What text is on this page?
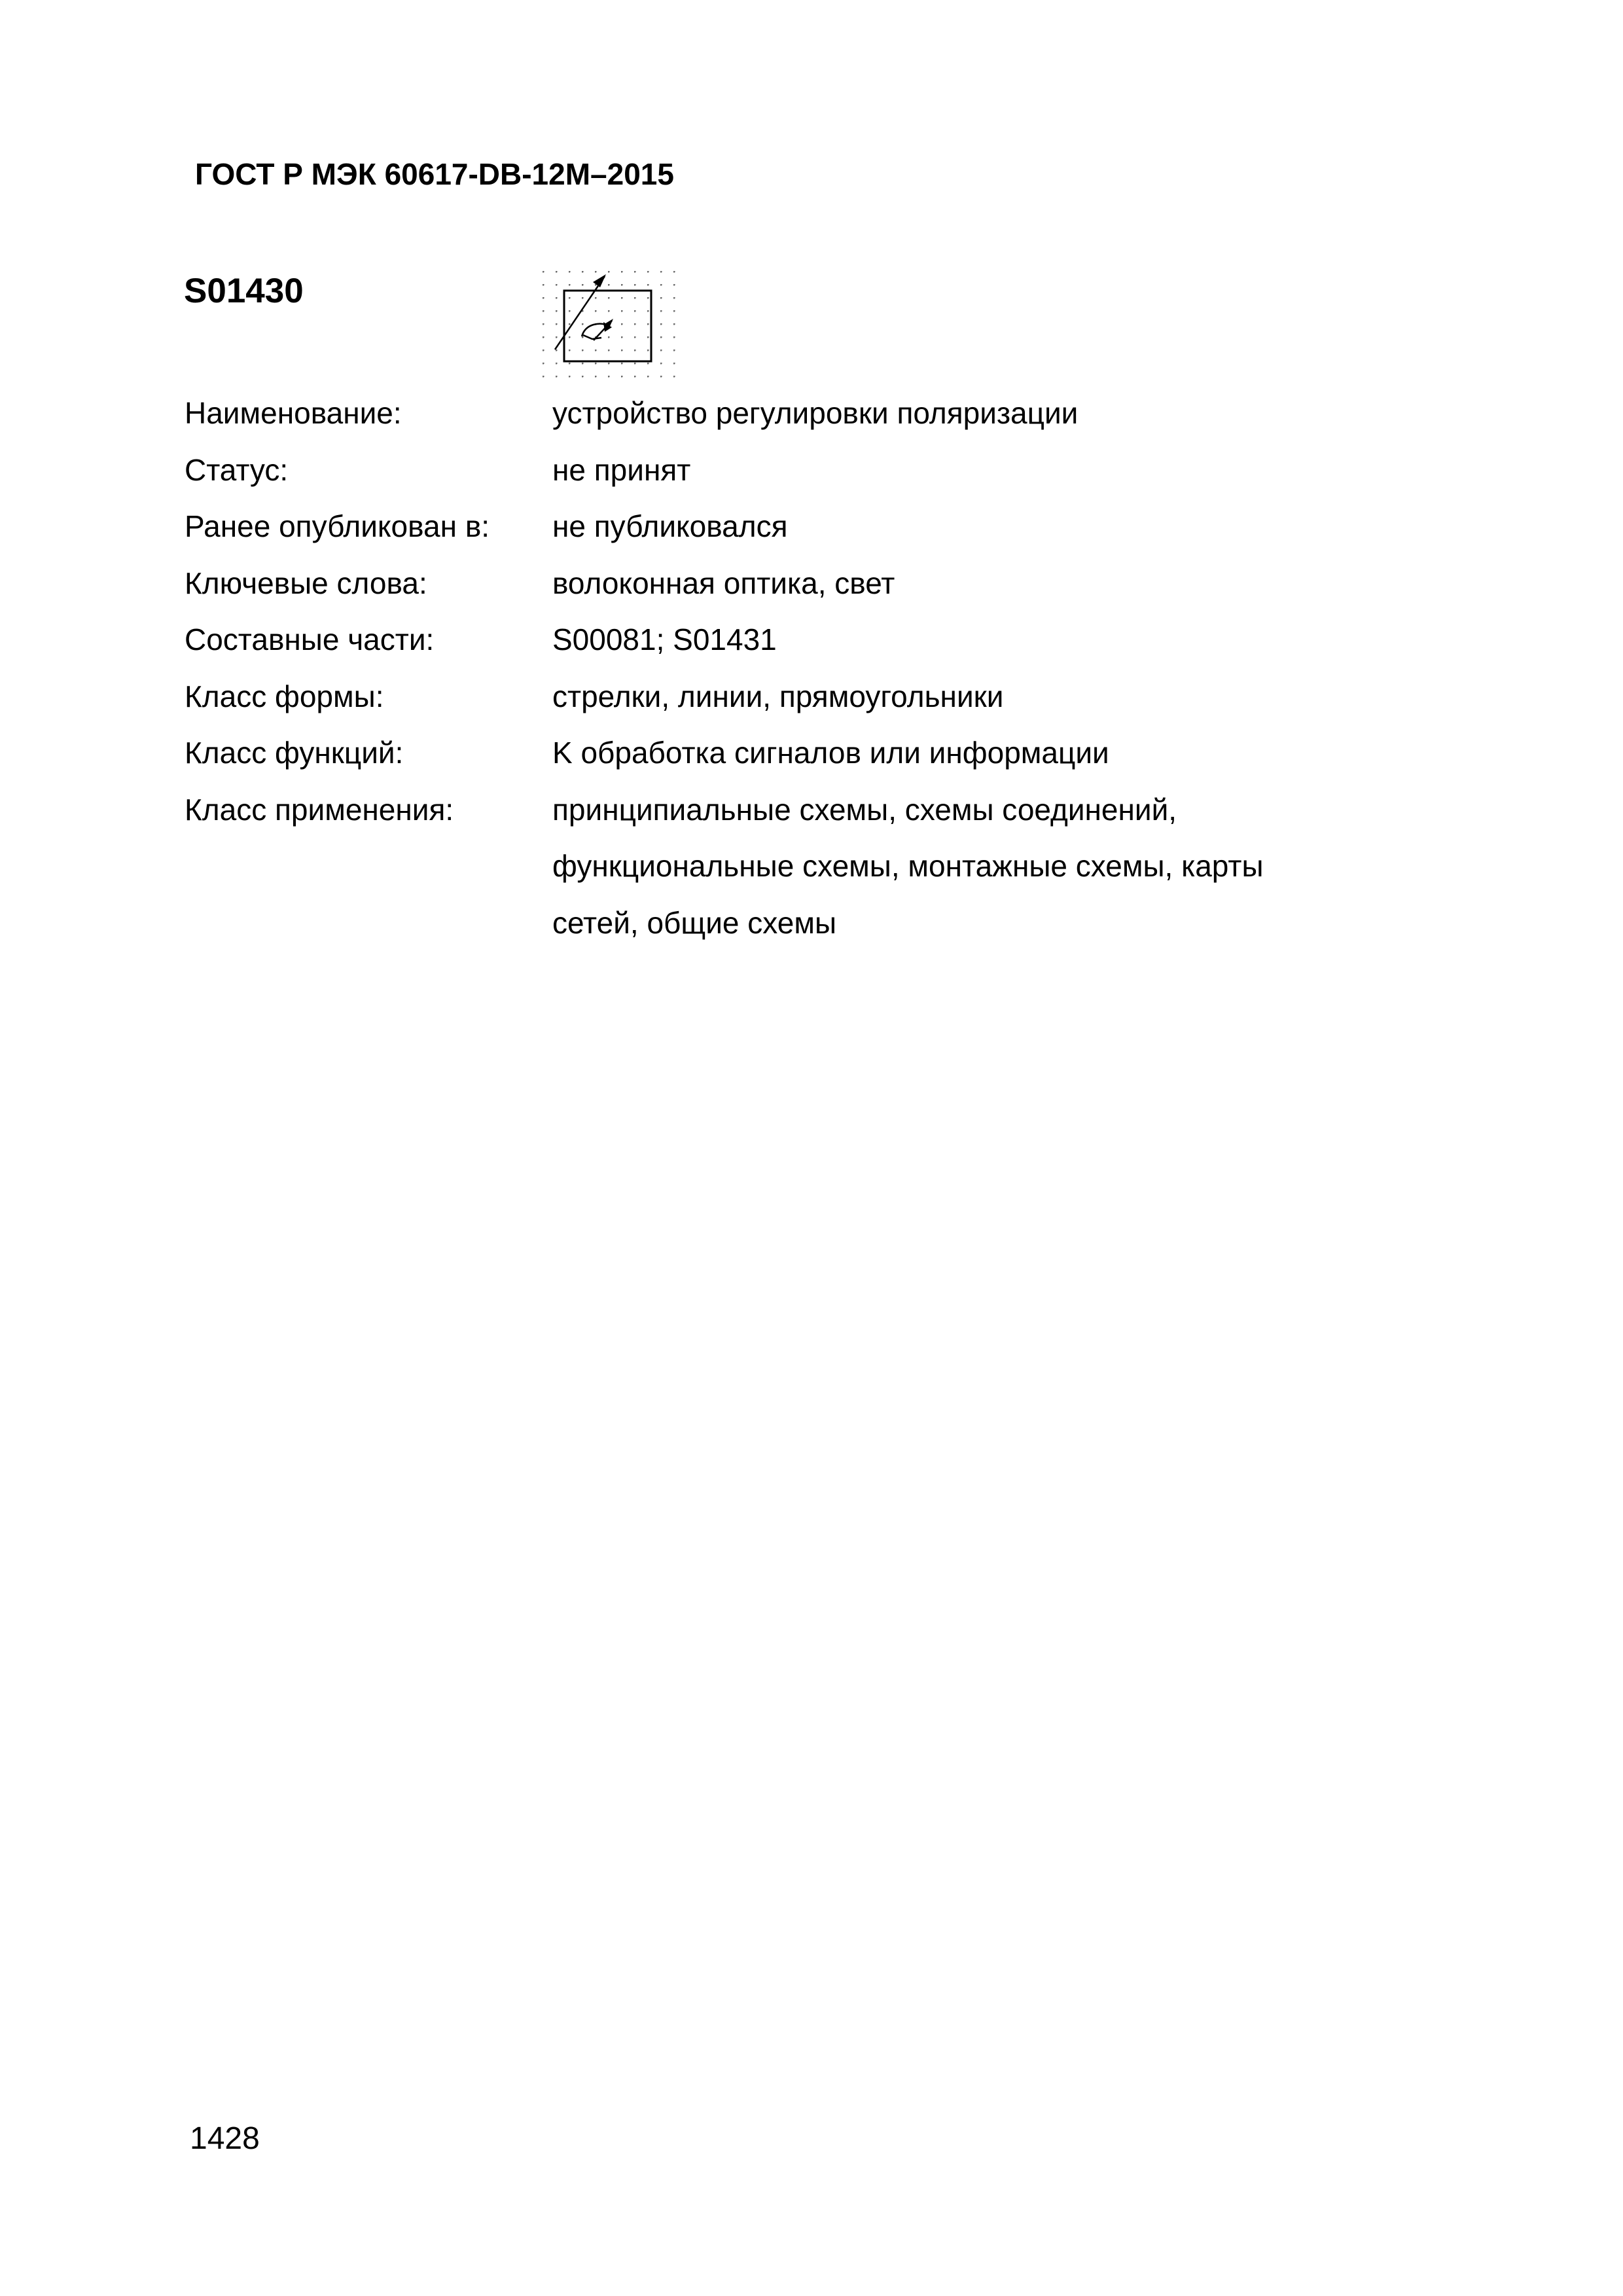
ГОСТ Р МЭК 60617-DB-12M–2015
S01430
Наименование:	устройство регулировки поляризации
Статус:	не принят
Ранее опубликован в:	не публиковался
Ключевые слова:	волоконная оптика, свет
Составные части:	S00081; S01431
Класс формы:	стрелки, линии, прямоугольники
Класс функций:	K обработка сигналов или информации
Класс применения:	принципиальные схемы, схемы соединений,
функциональные схемы, монтажные схемы, карты
сетей, общие схемы
1428
